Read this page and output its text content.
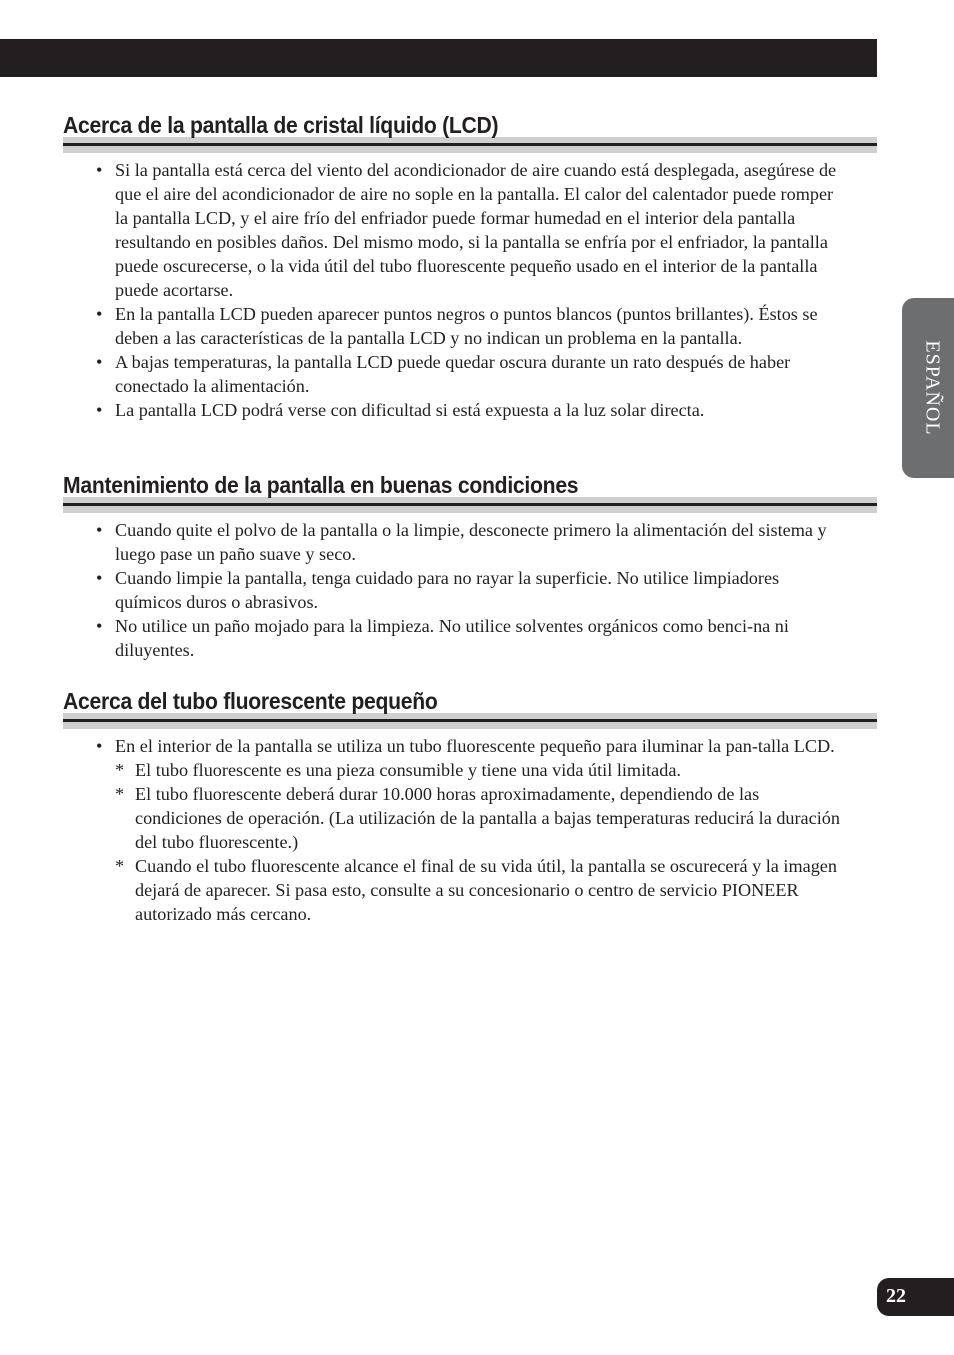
Acerca de la pantalla de cristal líquido (LCD)
• Si la pantalla está cerca del viento del acondicionador de aire cuando está desplegada, asegúrese de que el aire del acondicionador de aire no sople en la pantalla. El calor del calentador puede romper la pantalla LCD, y el aire frío del enfriador puede formar humedad en el interior dela pantalla resultando en posibles daños. Del mismo modo, si la pantalla se enfría por el enfriador, la pantalla puede oscurecerse, o la vida útil del tubo fluorescente pequeño usado en el interior de la pantalla puede acortarse.
• En la pantalla LCD pueden aparecer puntos negros o puntos blancos (puntos brillantes). Éstos se deben a las características de la pantalla LCD y no indican un problema en la pantalla.
• A bajas temperaturas, la pantalla LCD puede quedar oscura durante un rato después de haber conectado la alimentación.
• La pantalla LCD podrá verse con dificultad si está expuesta a la luz solar directa.
Mantenimiento de la pantalla en buenas condiciones
• Cuando quite el polvo de la pantalla o la limpie, desconecte primero la alimentación del sistema y luego pase un paño suave y seco.
• Cuando limpie la pantalla, tenga cuidado para no rayar la superficie. No utilice limpiadores químicos duros o abrasivos.
• No utilice un paño mojado para la limpieza. No utilice solventes orgánicos como benci-na ni diluyentes.
Acerca del tubo fluorescente pequeño
• En el interior de la pantalla se utiliza un tubo fluorescente pequeño para iluminar la pan-talla LCD.
* El tubo fluorescente es una pieza consumible y tiene una vida útil limitada.
* El tubo fluorescente deberá durar 10.000 horas aproximadamente, dependiendo de las condiciones de operación. (La utilización de la pantalla a bajas temperaturas reducirá la duración del tubo fluorescente.)
* Cuando el tubo fluorescente alcance el final de su vida útil, la pantalla se oscurecerá y la imagen dejará de aparecer. Si pasa esto, consulte a su concesionario o centro de servicio PIONEER autorizado más cercano.
ESPAÑOL
22
